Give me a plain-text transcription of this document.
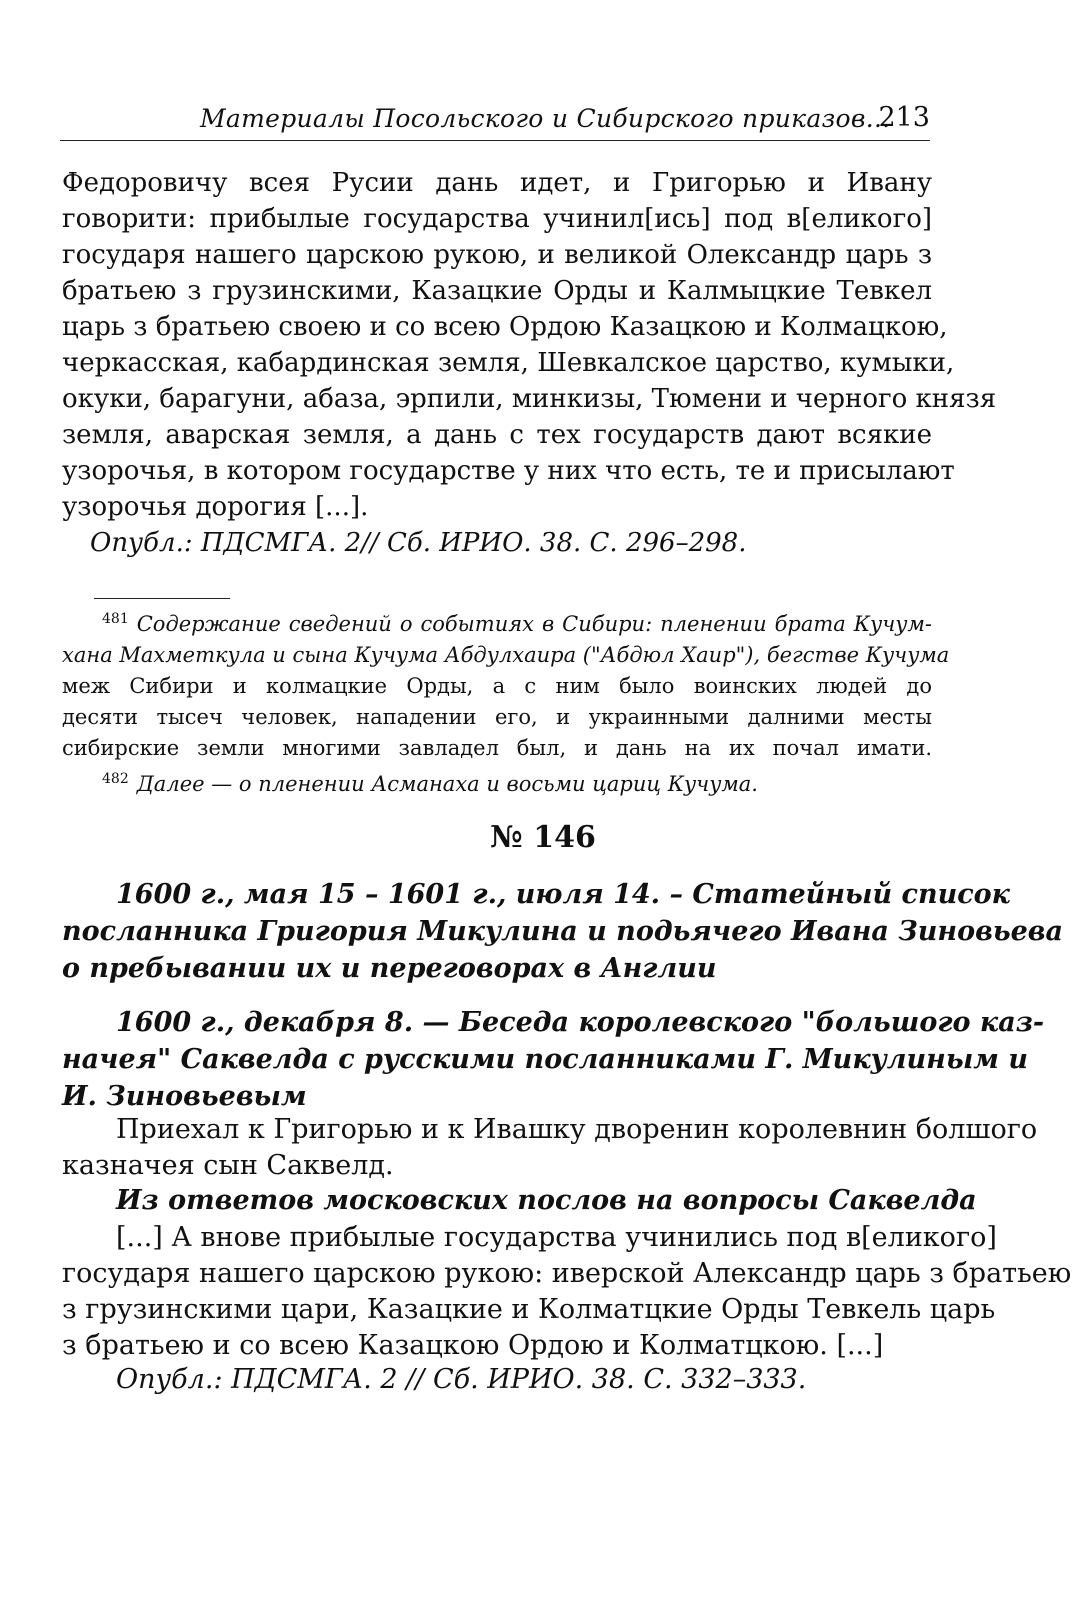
Материалы Посольского и Сибирского приказов...
213
Федоровичу всея Русии дань идет, и Григорью и Ивану
говорити: прибылые государства учинил[ись] под в[еликого]
государя нашего царскою рукою, и великой Олександр царь з
братьею з грузинскими, Казацкие Орды и Калмыцкие Тевкел
царь з братьею своею и со всею Ордою Казацкою и Колмацкою,
черкасская, кабардинская земля, Шевкалское царство, кумыки,
окуки, барагуни, абаза, эрпили, минкизы, Тюмени и черного князя
земля, аварская земля, а дань с тех государств дают всякие
узорочья, в котором государстве у них что есть, те и присылают
узорочья дорогия [...].
Опубл.: ПДСМГА. 2// Сб. ИРИО. 38. С. 296–298.
$^{481}$ Содержание сведений о событиях в Сибири: пленении брата Кучум-
хана Махметкула и сына Кучума Абдулхаира ("Абдюл Хаир"), бегстве Кучума
меж Сибири и колмацкие Орды, а с ним было воинских людей до
десяти тысеч человек, нападении его, и украинными далними месты
сибирские земли многими завладел был, и дань на их почал имати.
$^{482}$ Далее — о пленении Асманаха и восьми цариц Кучума.
№ 146
1600 г., мая 15 – 1601 г., июля 14. – Статейный список
посланника Григория Микулина и подьячего Ивана Зиновьева
о пребывании их и переговорах в Англии
1600 г., декабря 8. — Беседа королевского "большого каз-
начея" Саквелда с русскими посланниками Г. Микулиным и
И. Зиновьевым
Приехал к Григорью и к Ивашку дворенин королевнин болшого
казначея сын Саквелд.
Из ответов московских послов на вопросы Саквелда
[...] А внове прибылые государства учинились под в[еликого]
государя нашего царскою рукою: иверской Александр царь з братьею
з грузинскими цари, Казацкие и Колматцкие Орды Тевкель царь
з братьею и со всею Казацкою Ордою и Колматцкою. [...]
Опубл.: ПДСМГА. 2 // Сб. ИРИО. 38. С. 332–333.
